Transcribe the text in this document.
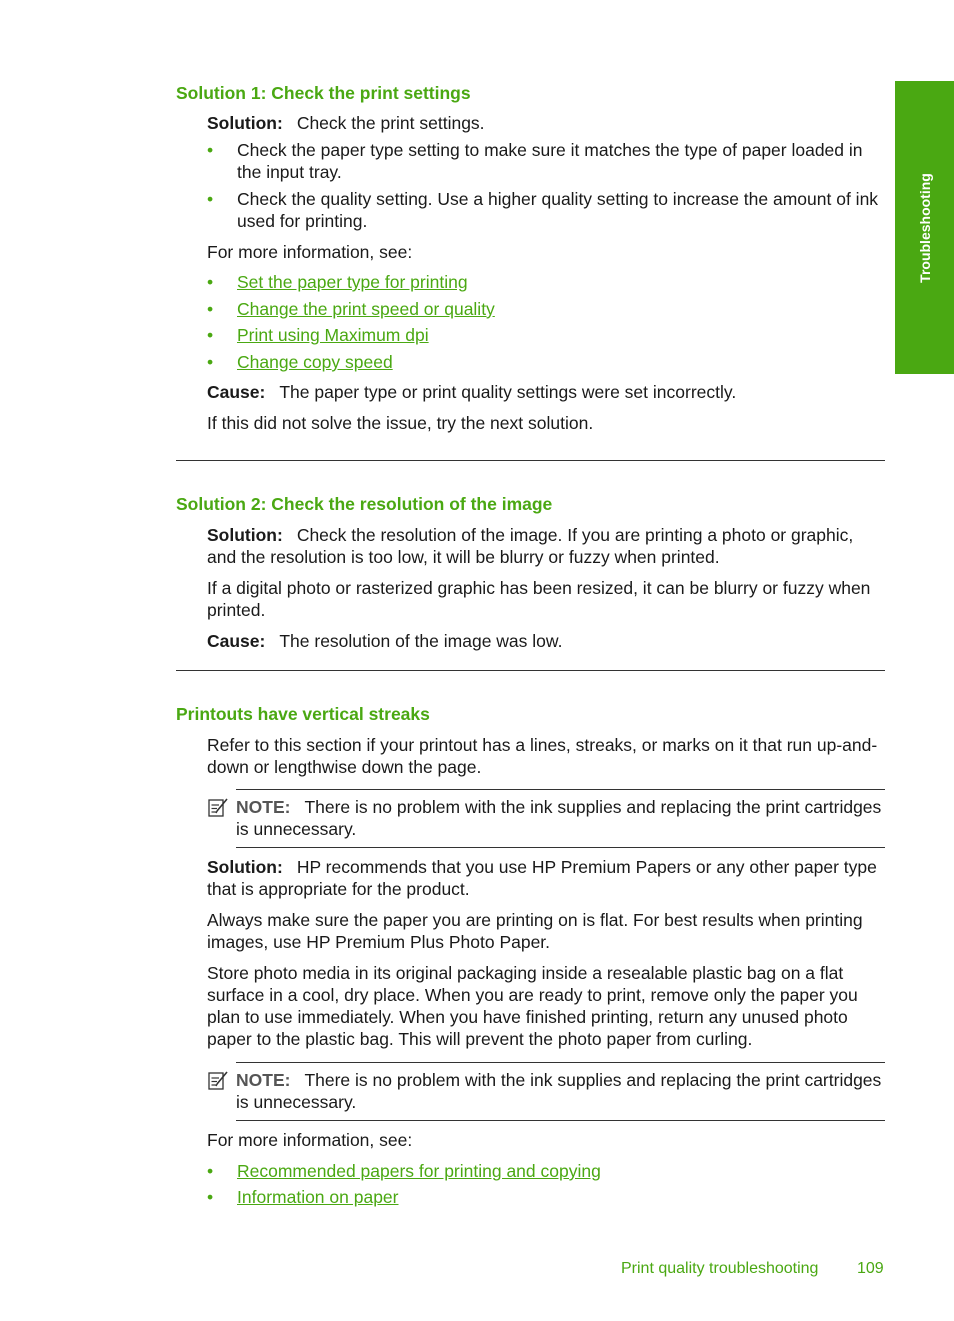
Troubleshooting
Solution 1: Check the print settings
Solution: Check the print settings.
•	Check the paper type setting to make sure it matches the type of paper loaded in the input tray.
•	Check the quality setting. Use a higher quality setting to increase the amount of ink used for printing.
For more information, see:
•	Set the paper type for printing
•	Change the print speed or quality
•	Print using Maximum dpi
•	Change copy speed
Cause: The paper type or print quality settings were set incorrectly.
If this did not solve the issue, try the next solution.
Solution 2: Check the resolution of the image
Solution: Check the resolution of the image. If you are printing a photo or graphic, and the resolution is too low, it will be blurry or fuzzy when printed.
If a digital photo or rasterized graphic has been resized, it can be blurry or fuzzy when printed.
Cause: The resolution of the image was low.
Printouts have vertical streaks
Refer to this section if your printout has a lines, streaks, or marks on it that run up-and-down or lengthwise down the page.
NOTE: There is no problem with the ink supplies and replacing the print cartridges is unnecessary.
Solution: HP recommends that you use HP Premium Papers or any other paper type that is appropriate for the product.
Always make sure the paper you are printing on is flat. For best results when printing images, use HP Premium Plus Photo Paper.
Store photo media in its original packaging inside a resealable plastic bag on a flat surface in a cool, dry place. When you are ready to print, remove only the paper you plan to use immediately. When you have finished printing, return any unused photo paper to the plastic bag. This will prevent the photo paper from curling.
NOTE: There is no problem with the ink supplies and replacing the print cartridges is unnecessary.
For more information, see:
•	Recommended papers for printing and copying
•	Information on paper
Print quality troubleshooting 109
